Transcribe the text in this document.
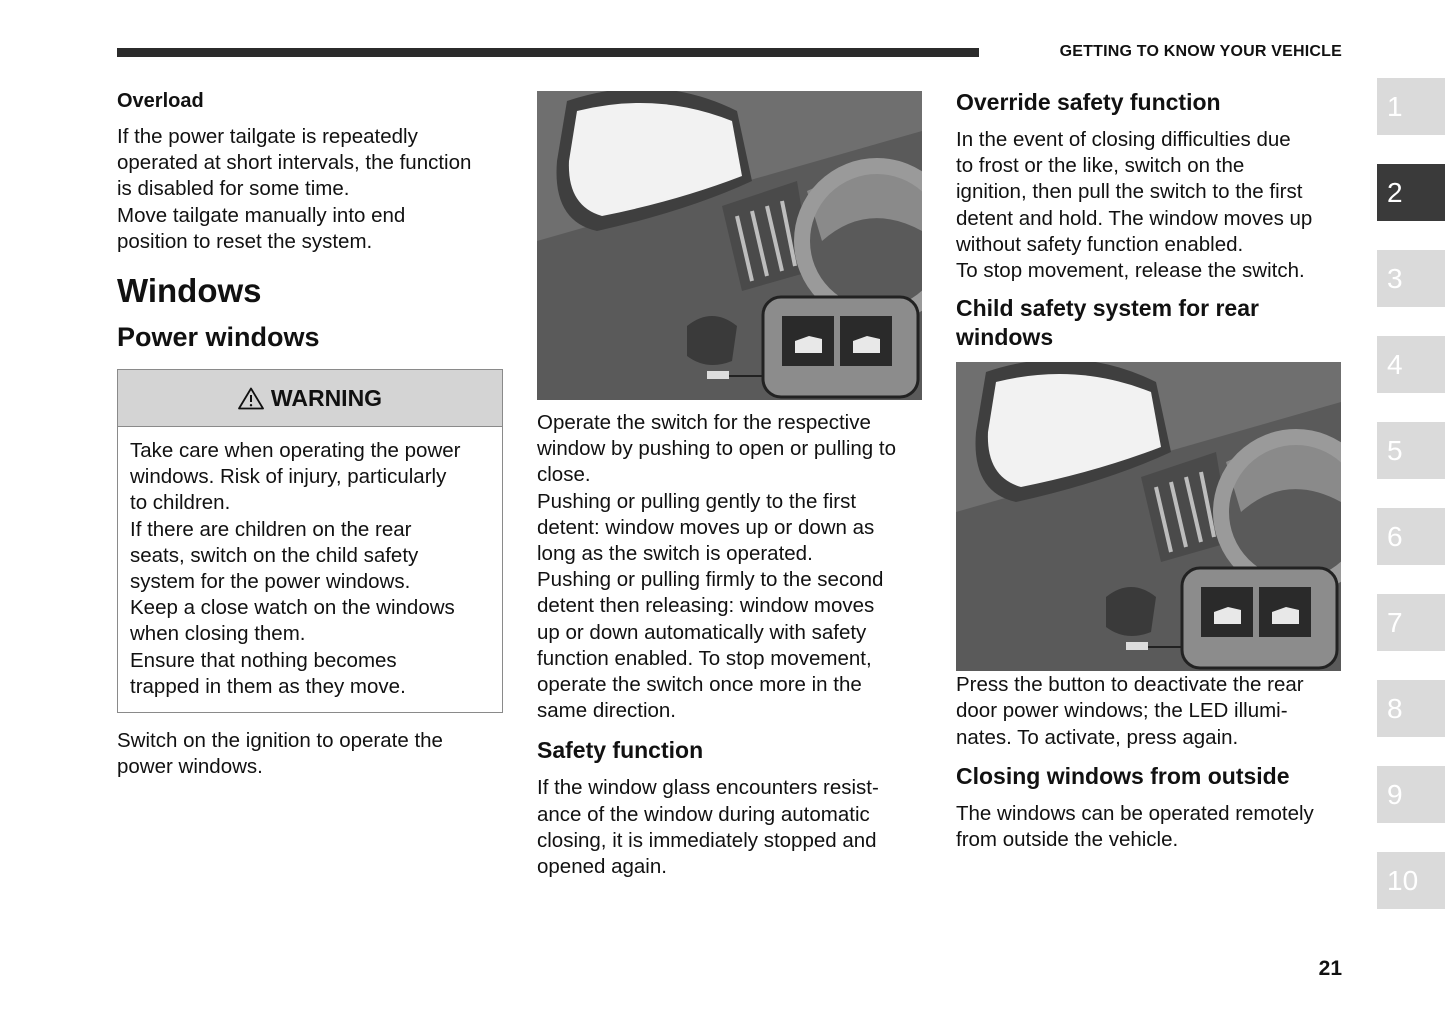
GETTING TO KNOW YOUR VEHICLE
Overload

If the power tailgate is repeatedly
operated at short intervals, the function
is disabled for some time.
Move tailgate manually into end
position to reset the system.

Windows
Power windows
WARNING

Take care when operating the power
windows. Risk of injury, particularly
to children.
If there are children on the rear
seats, switch on the child safety
system for the power windows.
Keep a close watch on the windows
when closing them.
Ensure that nothing becomes
trapped in them as they move.

Switch on the ignition to operate the
power windows.

Operate the switch for the respective
window by pushing to open or pulling to
close.
Pushing or pulling gently to the first
detent: window moves up or down as
long as the switch is operated.
Pushing or pulling firmly to the second
detent then releasing: window moves
up or down automatically with safety
function enabled. To stop movement,
operate the switch once more in the
same direction.

Safety function

If the window glass encounters resist-
ance of the window during automatic
closing, it is immediately stopped and
opened again.

Override safety function

In the event of closing difficulties due
to frost or the like, switch on the
ignition, then pull the switch to the first
detent and hold. The window moves up
without safety function enabled.
To stop movement, release the switch.

Child safety system for rear
windows

Press the button to deactivate the rear
door power windows; the LED illumi-
nates. To activate, press again.

Closing windows from outside

The windows can be operated remotely
from outside the vehicle.

1
2
3
4
5
6
7
8
9
10
21
